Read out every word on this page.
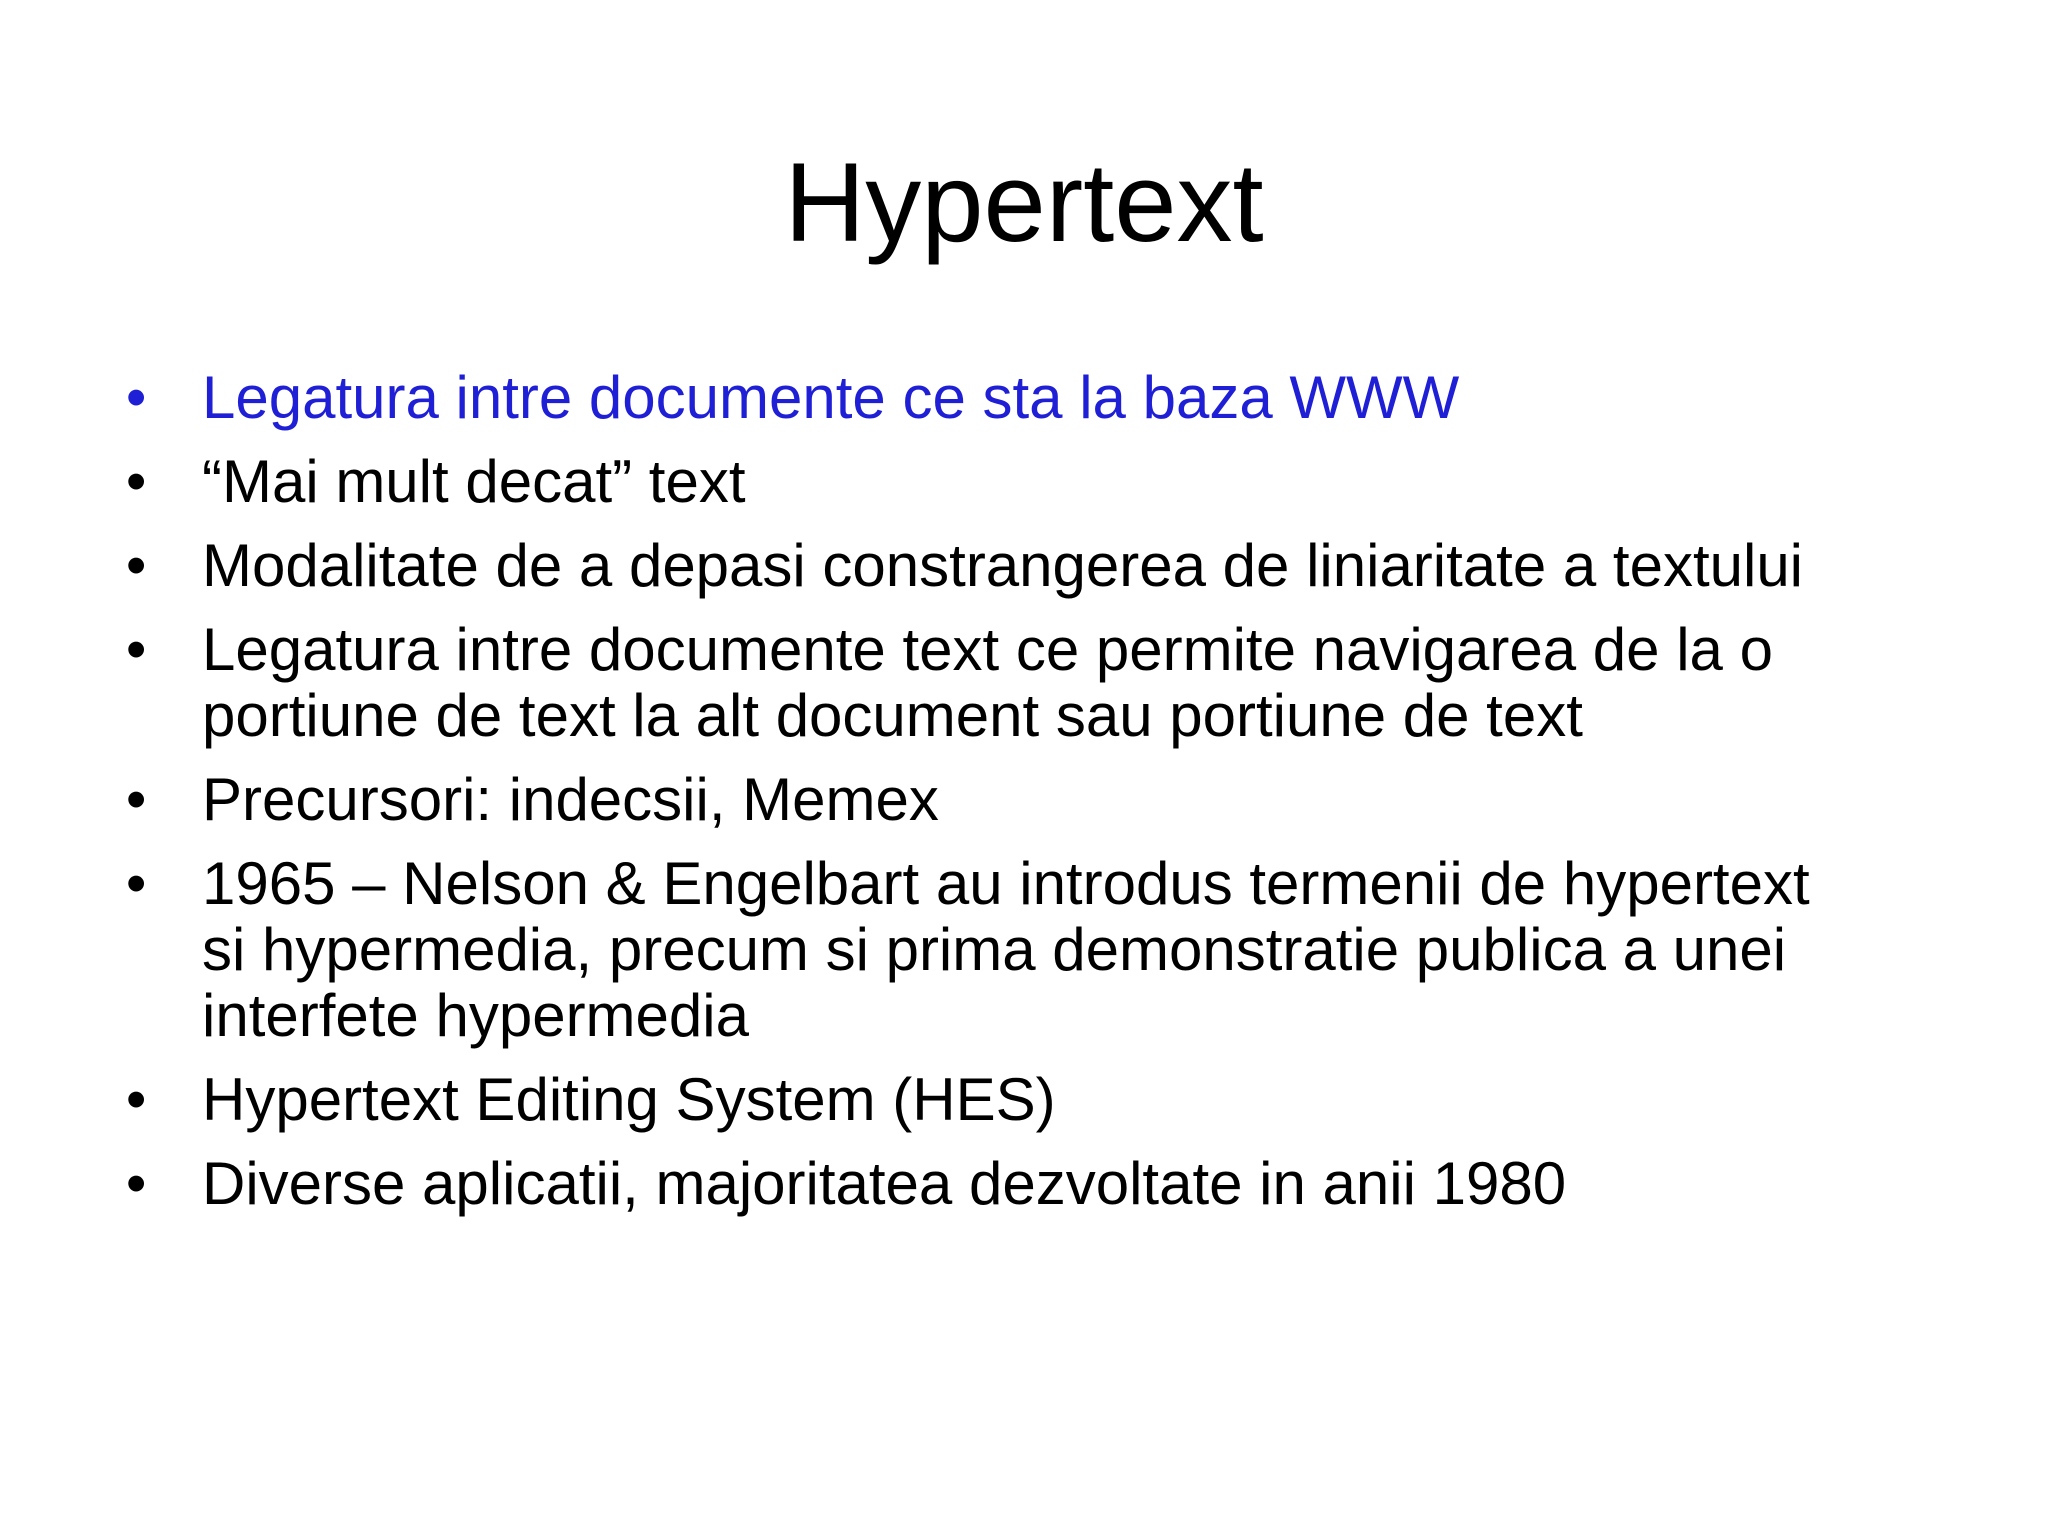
Hypertext
• Legatura intre documente ce sta la baza WWW
• “Mai mult decat” text
• Modalitate de a depasi constrangerea de liniaritate a textului
• Legatura intre documente text ce permite navigarea de la o
portiune de text la alt document sau portiune de text
• Precursori: indecsii, Memex
• 1965 – Nelson & Engelbart au introdus termenii de hypertext
si hypermedia, precum si prima demonstratie publica a unei
interfete hypermedia
• Hypertext Editing System (HES)
• Diverse aplicatii, majoritatea dezvoltate in anii 1980
